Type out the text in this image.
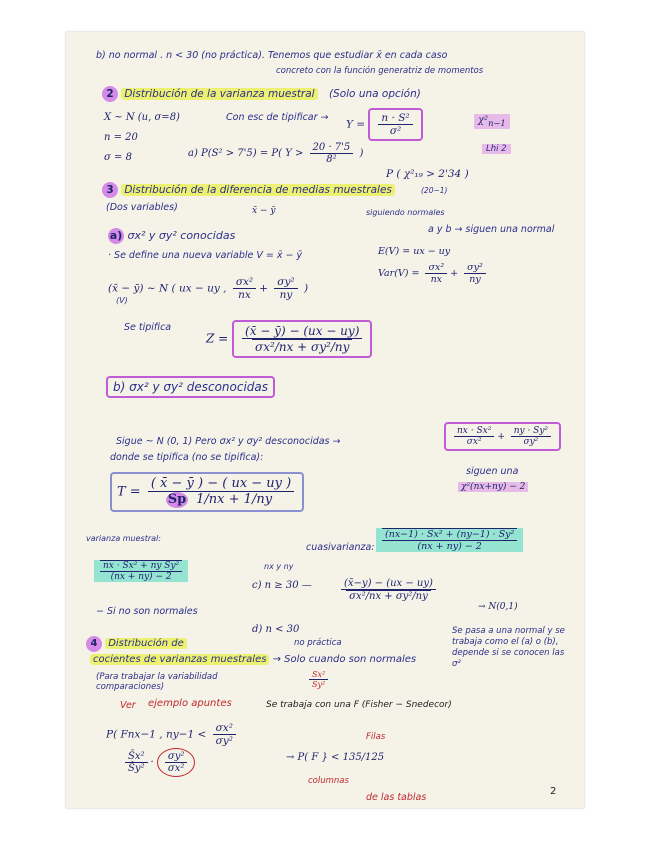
b) no normal . n < 30 (no práctica). Tenemos que estudiar x̄ en cada caso
concreto con la función generatriz de momentos
2 Distribución de la varianza muestral (Solo una opción)
X ~ N (u, σ=8)	Con esc de tipificar →
$Y = \frac{\text{n · S²}}{\text{σ²}}$	$\chi^2_{n-1}$
Lhi 2
n = 20
σ = 8	a) P(S² > 7'5) = P( $Y > \frac{20 \cdot 7'5}{\text{8²}}$ )
P ( χ²₁₉ > 2'34 )
(20−1)
3 Distribución de la diferencia de medias muestrales
(Dos variables)	x̄ − ȳ	siguiendo normales
a y b → siguen una normal
a) σx² y σy² conocidas
· Se define una nueva variable V = x̄ − ȳ	E(V) = ux − uy
$Var(V) = \frac{\text{σx²}}{nx} + \frac{\text{σy²}}{ny}$
(x̄ − ȳ) ~ N ( ux − uy , $\frac{\text{σx²}}{nx} + \frac{\text{σy²}}{ny}$ )
(V)
Se tipifica
$Z = \frac{(x̄ - ȳ) - (ux - uy)}{\text{σx²/nx + σy²/ny}}$
b) σx² y σy² desconocidas
Sigue ~ N (0, 1) Pero σx² y σy² desconocidas →
donde se tipifica (no se tipifica):
$\frac{\text{nx · Sx²}}{\text{σx²}} + \frac{\text{ny · Sy²}}{\text{σy²}}$
siguen una
χ²(nx+ny) − 2
$T = \frac{( x̄ - ȳ ) - ( ux - uy )}{Sp 1/nx + 1/ny}$
varianza muestral:
cuasivarianza: $\frac{\text{(nx−1) · Ŝx² + (ny−1) · Ŝy²}}{(nx + ny) - 2}$
$\frac{\text{nx · Sx² + ny Sy²}}{(nx + ny) - 2}$
− Si no son normales
nx y ny
c) n ≥ 30 —	$\frac{(x̄-y) - (ux - uy)}{\text{σx²/nx + σy²/ny}}$
→ N(0,1)
d) n < 30
no práctica
Se pasa a una normal y se trabaja como el (a) o (b), depende si se conocen las σ²
4 Distribución de
cocientes de varianzas muestrales → Solo cuando son normales
$\frac{\text{Sx²}}{\text{Sy²}}$
(Para trabajar la variabilidad comparaciones)
Ver ejemplo apuntes	Se trabaja con una F (Fisher − Snedecor)
P( Fnx−1 , $ny-1 < \frac{\text{σx²}}{\text{σy²}}$
$\frac{\text{Ŝx²}}{\text{Ŝy²}} \cdot \frac{\text{σy²}}{\text{σx²}}$	→ P( F } < 135/125
Filas
columnas
de las tablas
2
